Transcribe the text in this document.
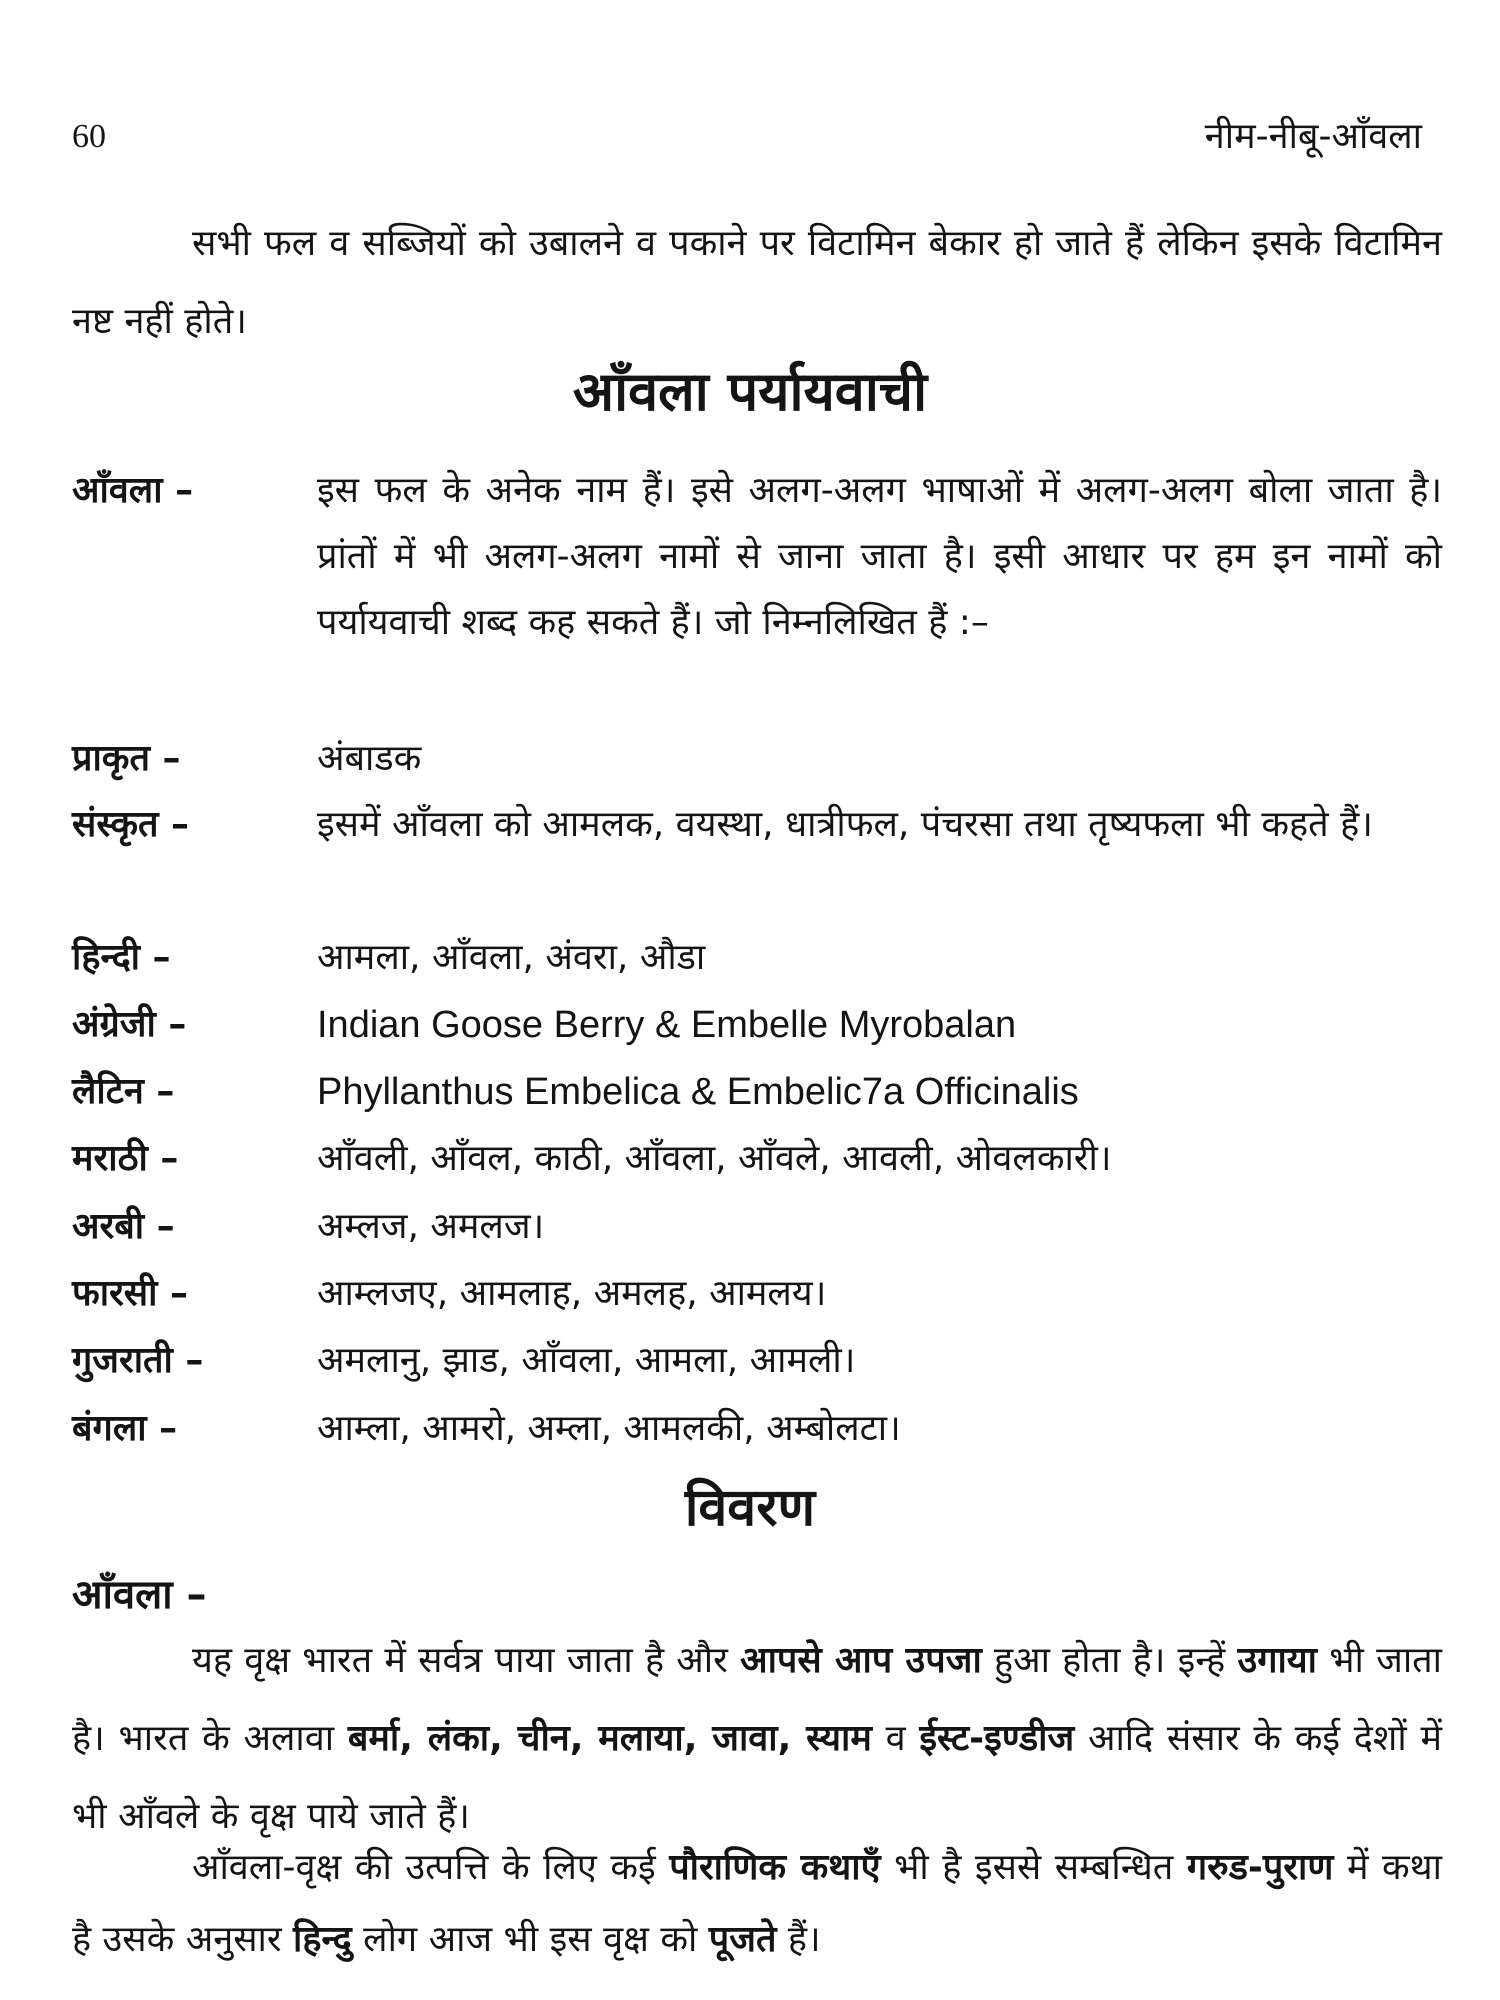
60	नीम-नीबू-आँवला

सभी फल व सब्जियों को उबालने व पकाने पर विटामिन बेकार हो जाते हैं लेकिन इसके विटामिन नष्ट नहीं होते।

आँवला पर्यायवाची
आँवला –	इस फल के अनेक नाम हैं। इसे अलग-अलग भाषाओं में अलग-अलग बोला जाता है। प्रांतों में भी अलग-अलग नामों से जाना जाता है। इसी आधार पर हम इन नामों को पर्यायवाची शब्द कह सकते हैं। जो निम्नलिखित हैं :–

प्राकृत –	अंबाडक

संस्कृत –	इसमें आँवला को आमलक, वयस्था, धात्रीफल, पंचरसा तथा तृष्यफला भी कहते हैं।

हिन्दी –	आमला, आँवला, अंवरा, औडा

अंग्रेजी –	Indian Goose Berry & Embelle Myrobalan

लैटिन –	Phyllanthus Embelica & Embelic7a Officinalis

मराठी –	आँवली, आँवल, काठी, आँवला, आँवले, आवली, ओवलकारी।

अरबी –	अम्लज, अमलज।

फारसी –	आम्लजए, आमलाह, अमलह, आमलय।

गुजराती –	अमलानु, झाड, आँवला, आमला, आमली।

बंगला –	आम्ला, आमरो, अम्ला, आमलकी, अम्बोलटा।

विवरण
आँवला –

यह वृक्ष भारत में सर्वत्र पाया जाता है और आपसे आप उपजा हुआ होता है। इन्हें उगाया भी जाता है। भारत के अलावा बर्मा, लंका, चीन, मलाया, जावा, स्याम व ईस्ट-इण्डीज आदि संसार के कई देशों में भी आँवले के वृक्ष पाये जाते हैं।

आँवला-वृक्ष की उत्पत्ति के लिए कई पौराणिक कथाएँ भी है इससे सम्बन्धित गरुड-पुराण में कथा है उसके अनुसार हिन्दु लोग आज भी इस वृक्ष को पूजते हैं।
